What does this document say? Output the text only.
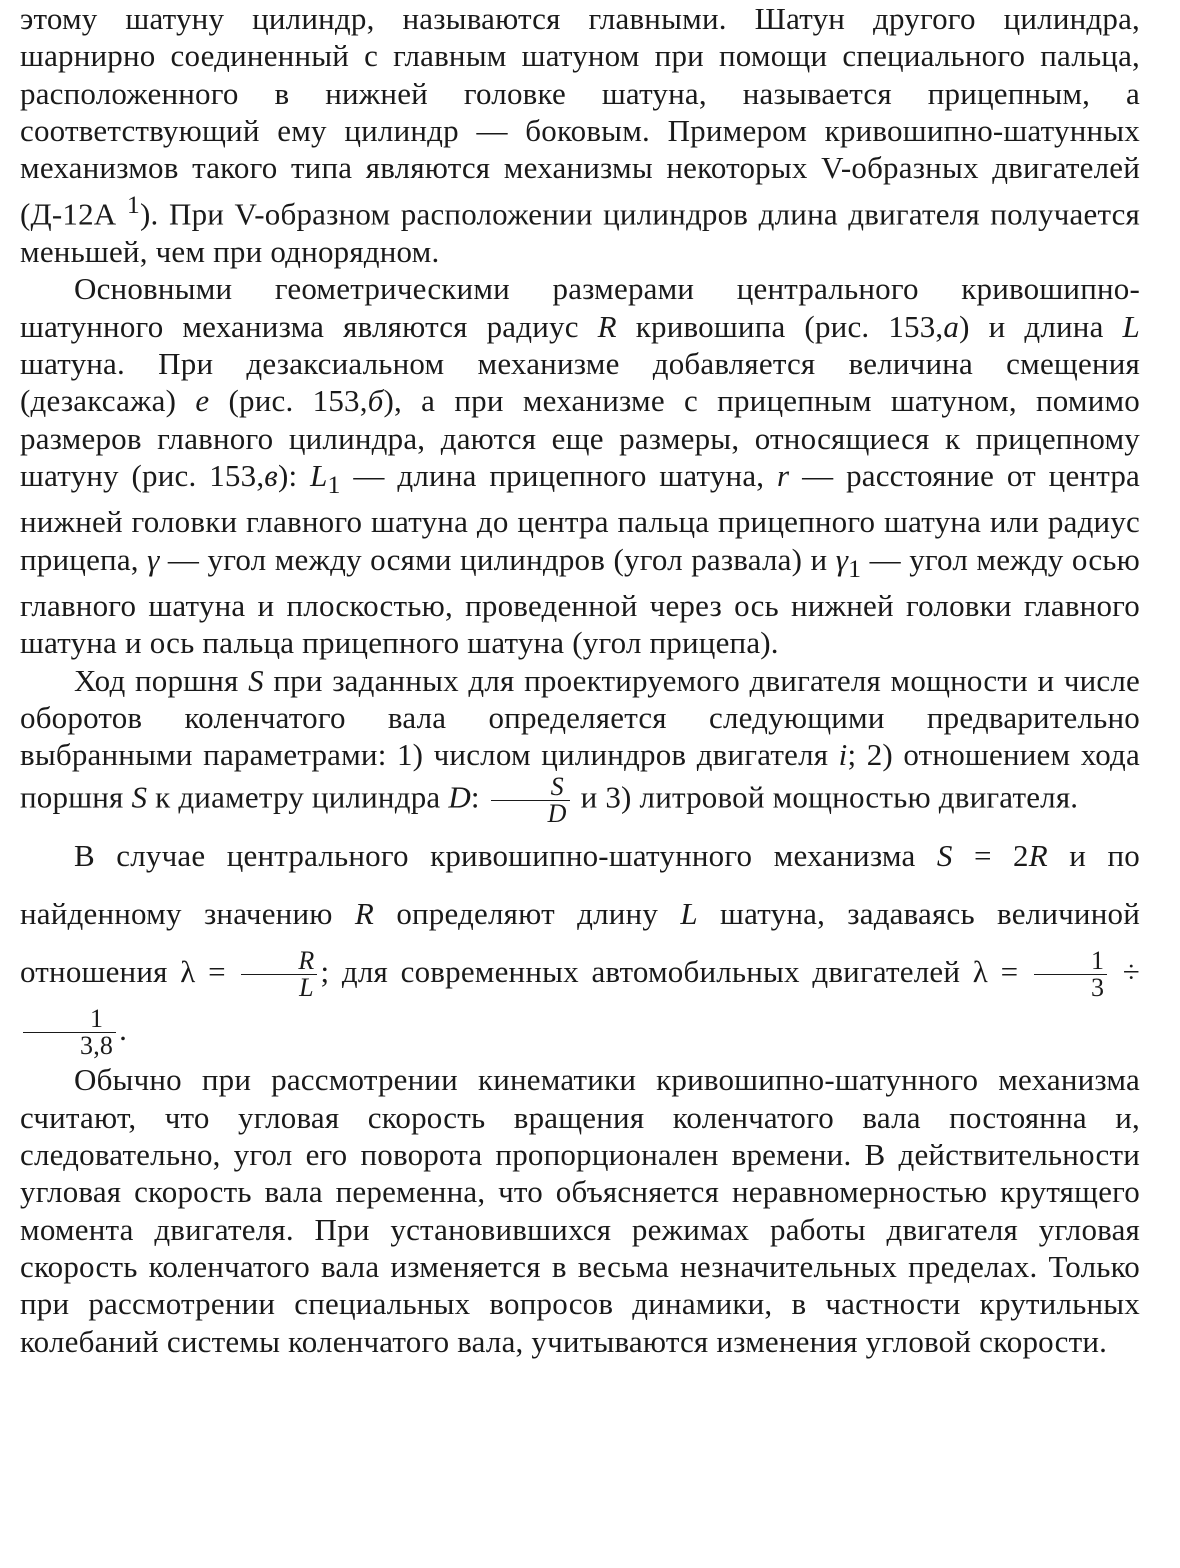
этому шатуну цилиндр, называются главными. Шатун другого цилиндра, шарнирно соединенный с главным шатуном при помощи специального пальца, расположенного в нижней головке шатуна, называется прицепным, а соответствующий ему цилиндр — боковым. Примером кривошипно-шатунных механизмов такого типа являются механизмы некоторых V-образных двигателей (Д-12А $^1$). При V-образном расположении цилиндров длина двигателя получается меньшей, чем при однорядном.

Основными геометрическими размерами центрального кривошипно-шатунного механизма являются радиус R кривошипа (рис. 153,а) и длина L шатуна. При дезаксиальном механизме добавляется величина смещения (дезаксажа) е (рис. 153,б), а при механизме с прицепным шатуном, помимо размеров главного цилиндра, даются еще размеры, относящиеся к прицепному шатуну (рис. 153,в): $L_1$ — длина прицепного шатуна, r — расстояние от центра нижней головки главного шатуна до центра пальца прицепного шатуна или радиус прицепа, γ — угол между осями цилиндров (угол развала) и $\gamma_1$ — угол между осью главного шатуна и плоскостью, проведенной через ось нижней головки главного шатуна и ось пальца прицепного шатуна (угол прицепа).

Ход поршня S при заданных для проектируемого двигателя мощности и числе оборотов коленчатого вала определяется следующими предварительно выбранными параметрами: 1) числом цилиндров двигателя i; 2) отношением хода поршня S к диаметру цилиндра D: $\frac{S}{D}$ и 3) литровой мощностью двигателя.

В случае центрального кривошипно-шатунного механизма S = 2R и по найденному значению R определяют длину L шатуна, задаваясь величиной отношения $\lambda = \frac{R}{L}$ ; для современных автомобильных двигателей $\lambda = \frac{1}{3}$ ÷
$\frac{1}{3,8}$ .

Обычно при рассмотрении кинематики кривошипно-шатунного механизма считают, что угловая скорость вращения коленчатого вала постоянна и, следовательно, угол его поворота пропорционален времени. В действительности угловая скорость вала переменна, что объясняется неравномерностью крутящего момента двигателя. При установившихся режимах работы двигателя угловая скорость коленчатого вала изменяется в весьма незначительных пределах. Только при рассмотрении специальных вопросов динамики, в частности крутильных колебаний системы коленчатого вала, учитываются изменения угловой скорости.
